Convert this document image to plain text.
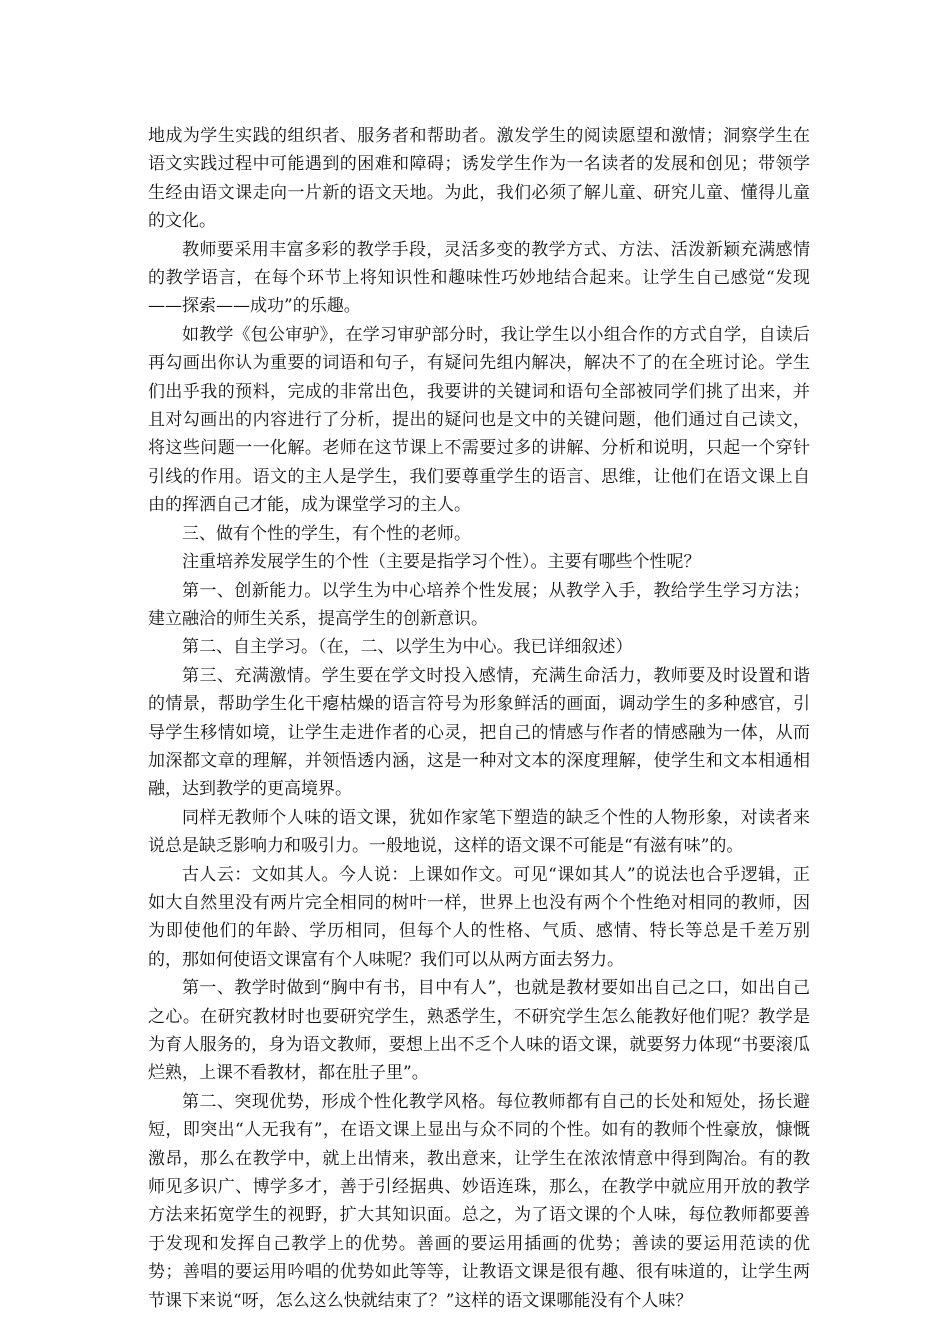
地成为学生实践的组织者、服务者和帮助者。激发学生的阅读愿望和激情；洞察学生在语文实践过程中可能遇到的困难和障碍；诱发学生作为一名读者的发展和创见；带领学生经由语文课走向一片新的语文天地。为此，我们必须了解儿童、研究儿童、懂得儿童的文化。

教师要采用丰富多彩的教学手段，灵活多变的教学方式、方法、活泼新颖充满感情的教学语言，在每个环节上将知识性和趣味性巧妙地结合起来。让学生自己感觉“发现——探索——成功”的乐趣。

如教学《包公审驴》，在学习审驴部分时，我让学生以小组合作的方式自学，自读后再勾画出你认为重要的词语和句子，有疑问先组内解决，解决不了的在全班讨论。学生们出乎我的预料，完成的非常出色，我要讲的关键词和语句全部被同学们挑了出来，并且对勾画出的内容进行了分析，提出的疑问也是文中的关键问题，他们通过自己读文，将这些问题一一化解。老师在这节课上不需要过多的讲解、分析和说明，只起一个穿针引线的作用。语文的主人是学生，我们要尊重学生的语言、思维，让他们在语文课上自由的挥洒自己才能，成为课堂学习的主人。

三、做有个性的学生，有个性的老师。

注重培养发展学生的个性（主要是指学习个性）。主要有哪些个性呢？

第一、创新能力。以学生为中心培养个性发展；从教学入手，教给学生学习方法；建立融洽的师生关系，提高学生的创新意识。

第二、自主学习。（在，二、以学生为中心。我已详细叙述）

第三、充满激情。学生要在学文时投入感情，充满生命活力，教师要及时设置和谐的情景，帮助学生化干瘪枯燥的语言符号为形象鲜活的画面，调动学生的多种感官，引导学生移情如境，让学生走进作者的心灵，把自己的情感与作者的情感融为一体，从而加深都文章的理解，并领悟透内涵，这是一种对文本的深度理解，使学生和文本相通相融，达到教学的更高境界。

同样无教师个人味的语文课，犹如作家笔下塑造的缺乏个性的人物形象，对读者来说总是缺乏影响力和吸引力。一般地说，这样的语文课不可能是“有滋有味”的。

古人云：文如其人。今人说：上课如作文。可见“课如其人”的说法也合乎逻辑，正如大自然里没有两片完全相同的树叶一样，世界上也没有两个个性绝对相同的教师，因为即使他们的年龄、学历相同，但每个人的性格、气质、感情、特长等总是千差万别的，那如何使语文课富有个人味呢？我们可以从两方面去努力。

第一、教学时做到“胸中有书，目中有人”，也就是教材要如出自己之口，如出自己之心。在研究教材时也要研究学生，熟悉学生，不研究学生怎么能教好他们呢？教学是为育人服务的，身为语文教师，要想上出不乏个人味的语文课，就要努力体现“书要滚瓜烂熟，上课不看教材，都在肚子里”。

第二、突现优势，形成个性化教学风格。每位教师都有自己的长处和短处，扬长避短，即突出“人无我有”，在语文课上显出与众不同的个性。如有的教师个性豪放，慷慨激昂，那么在教学中，就上出情来，教出意来，让学生在浓浓情意中得到陶冶。有的教师见多识广、博学多才，善于引经据典、妙语连珠，那么，在教学中就应用开放的教学方法来拓宽学生的视野，扩大其知识面。总之，为了语文课的个人味，每位教师都要善于发现和发挥自己教学上的优势。善画的要运用插画的优势；善读的要运用范读的优势；善唱的要运用吟唱的优势如此等等，让教语文课是很有趣、很有味道的，让学生两节课下来说“呀，怎么这么快就结束了？”这样的语文课哪能没有个人味？
